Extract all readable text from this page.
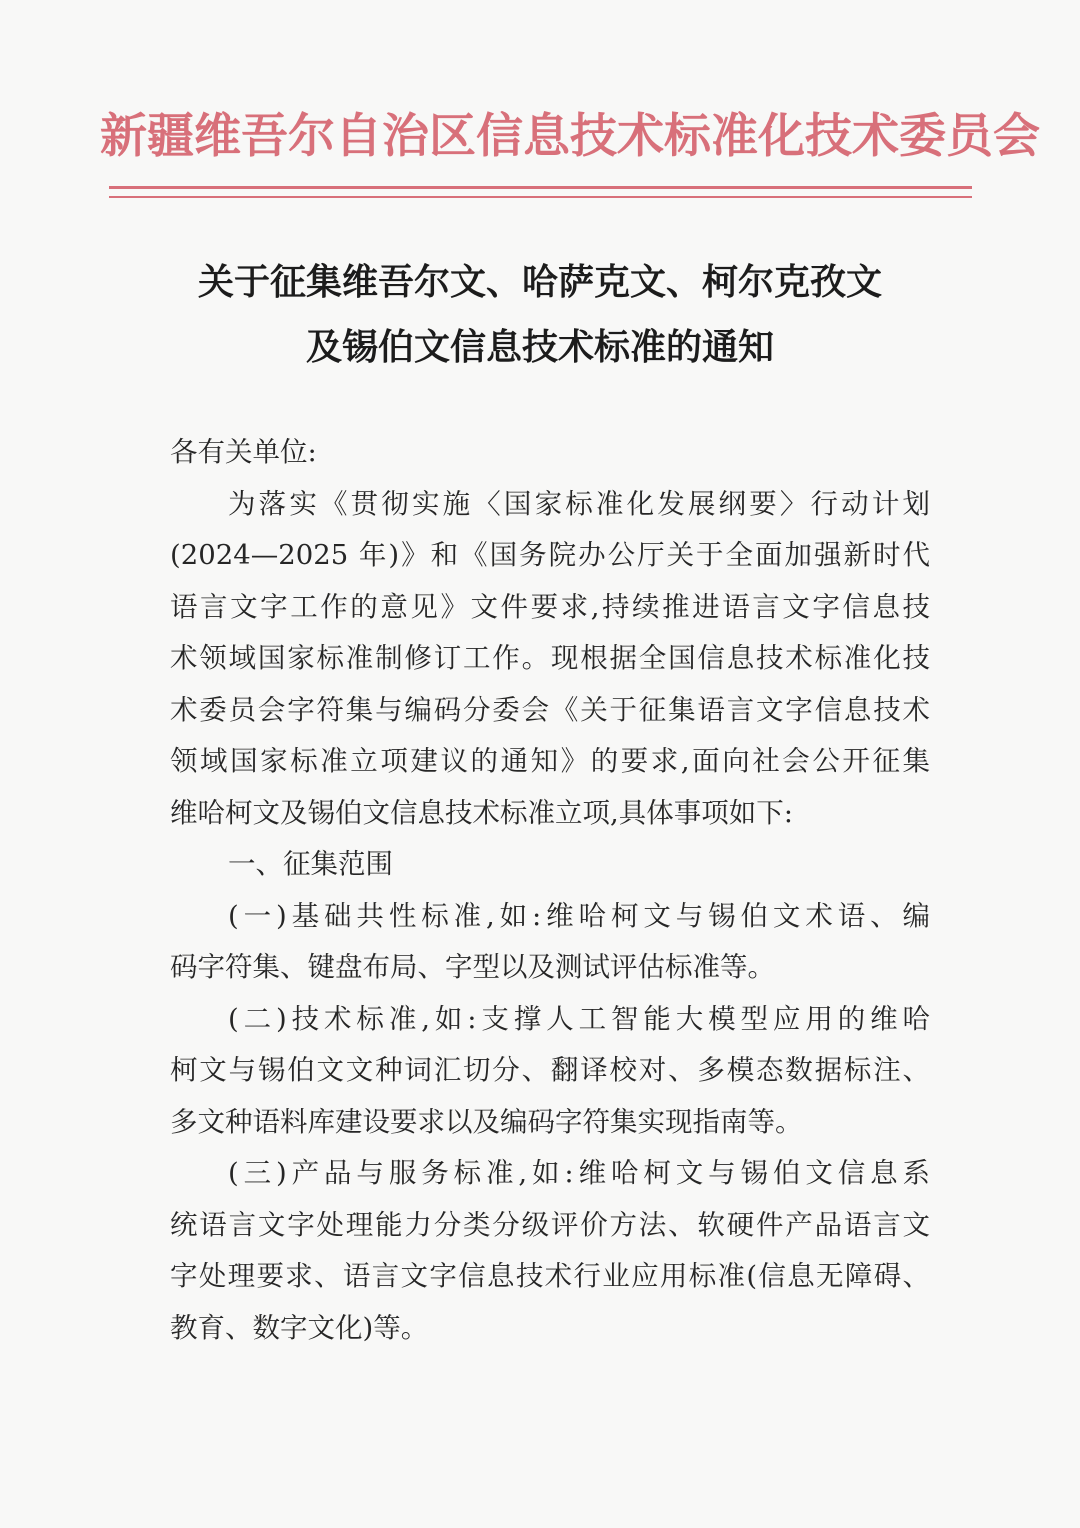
新疆维吾尔自治区信息技术标准化技术委员会
关于征集维吾尔文、哈萨克文、柯尔克孜文
及锡伯文信息技术标准的通知
各有关单位:
为落实《贯彻实施〈国家标准化发展纲要〉行动计划
(2024—2025 年)》和《国务院办公厅关于全面加强新时代
语言文字工作的意见》文件要求,持续推进语言文字信息技
术领域国家标准制修订工作。现根据全国信息技术标准化技
术委员会字符集与编码分委会《关于征集语言文字信息技术
领域国家标准立项建议的通知》的要求,面向社会公开征集
维哈柯文及锡伯文信息技术标准立项,具体事项如下:
一、征集范围
(一)基础共性标准,如:维哈柯文与锡伯文术语、编
码字符集、键盘布局、字型以及测试评估标准等。
(二)技术标准,如:支撑人工智能大模型应用的维哈
柯文与锡伯文文种词汇切分、翻译校对、多模态数据标注、
多文种语料库建设要求以及编码字符集实现指南等。
(三)产品与服务标准,如:维哈柯文与锡伯文信息系
统语言文字处理能力分类分级评价方法、软硬件产品语言文
字处理要求、语言文字信息技术行业应用标准(信息无障碍、
教育、数字文化)等。
